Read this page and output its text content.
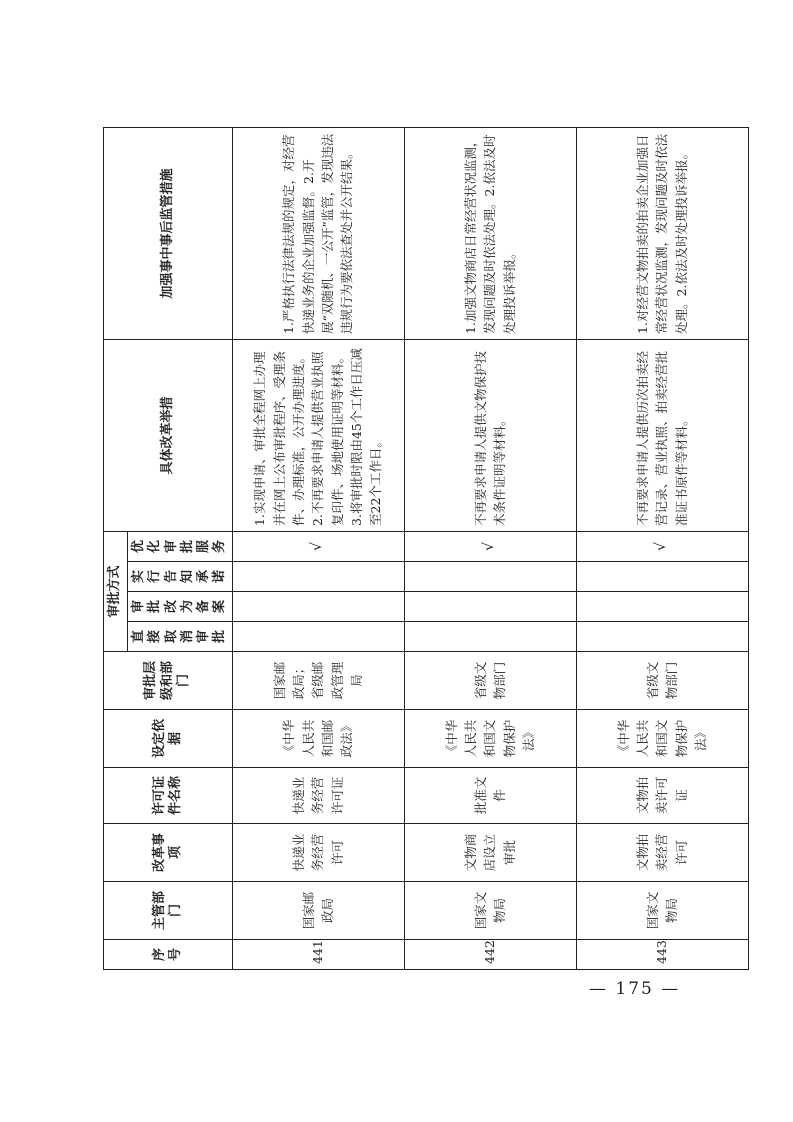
序号	主管部门	改革事项	许可证件名称	设定依据	审批层级和部门	审批方式				具体改革举措	加强事中事后监管措施
						直接取消审批	审批改为备案	实行告知承诺	优化审批服务		
441	国家邮政局	快递业务经营许可	快递业务经营许可证	《中华人民共和国邮政法》	国家邮政局；省级邮政管理局				√	1.实现申请、审批全程网上办理并在网上公布审批程序、受理条件、办理标准，公开办理进度。2.不再要求申请人提供营业执照复印件、场地使用证明等材料。3.将审批时限由45个工作日压减至22个工作日。	1.严格执行法律法规的规定，对经营快递业务的企业加强监督。2.开展“双随机、一公开”监管，发现违法违规行为要依法查处并公开结果。
442	国家文物局	文物商店设立审批	批准文件	《中华人民共和国文物保护法》	省级文物部门				√	不再要求申请人提供文物保护技术条件证明等材料。	1.加强文物商店日常经营状况监测，发现问题及时依法处理。2.依法及时处理投诉举报。
443	国家文物局	文物拍卖经营许可	文物拍卖许可证	《中华人民共和国文物保护法》	省级文物部门				√	不再要求申请人提供历次拍卖经营记录、营业执照、拍卖经营批准证书原件等材料。	1.对经营文物拍卖的拍卖企业加强日常经营状况监测，发现问题及时依法处理。2.依法及时处理投诉举报。
— 175 —
